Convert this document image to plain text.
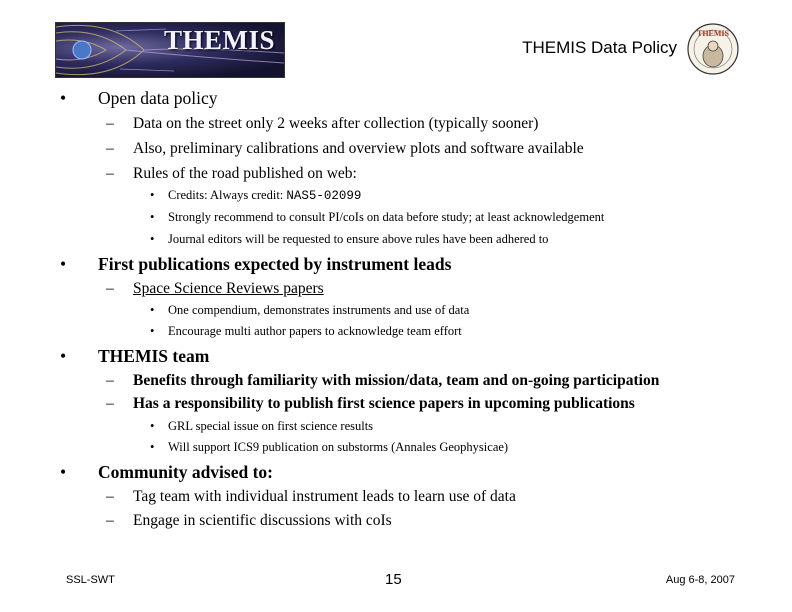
THEMIS	THEMIS Data Policy
THEMIS
• Open data policy
– Data on the street only 2 weeks after collection (typically sooner)
– Also, preliminary calibrations and overview plots and software available
– Rules of the road published on web:
• Credits: Always credit: NAS5-02099
• Strongly recommend to consult PI/coIs on data before study; at least acknowledgement
• Journal editors will be requested to ensure above rules have been adhered to
• First publications expected by instrument leads
– Space Science Reviews papers
• One compendium, demonstrates instruments and use of data
• Encourage multi author papers to acknowledge team effort
• THEMIS team
– Benefits through familiarity with mission/data, team and on-going participation
– Has a responsibility to publish first science papers in upcoming publications
• GRL special issue on first science results
• Will support ICS9 publication on substorms (Annales Geophysicae)
• Community advised to:
– Tag team with individual instrument leads to learn use of data
– Engage in scientific discussions with coIs
SSL-SWT	15	Aug 6-8, 2007
